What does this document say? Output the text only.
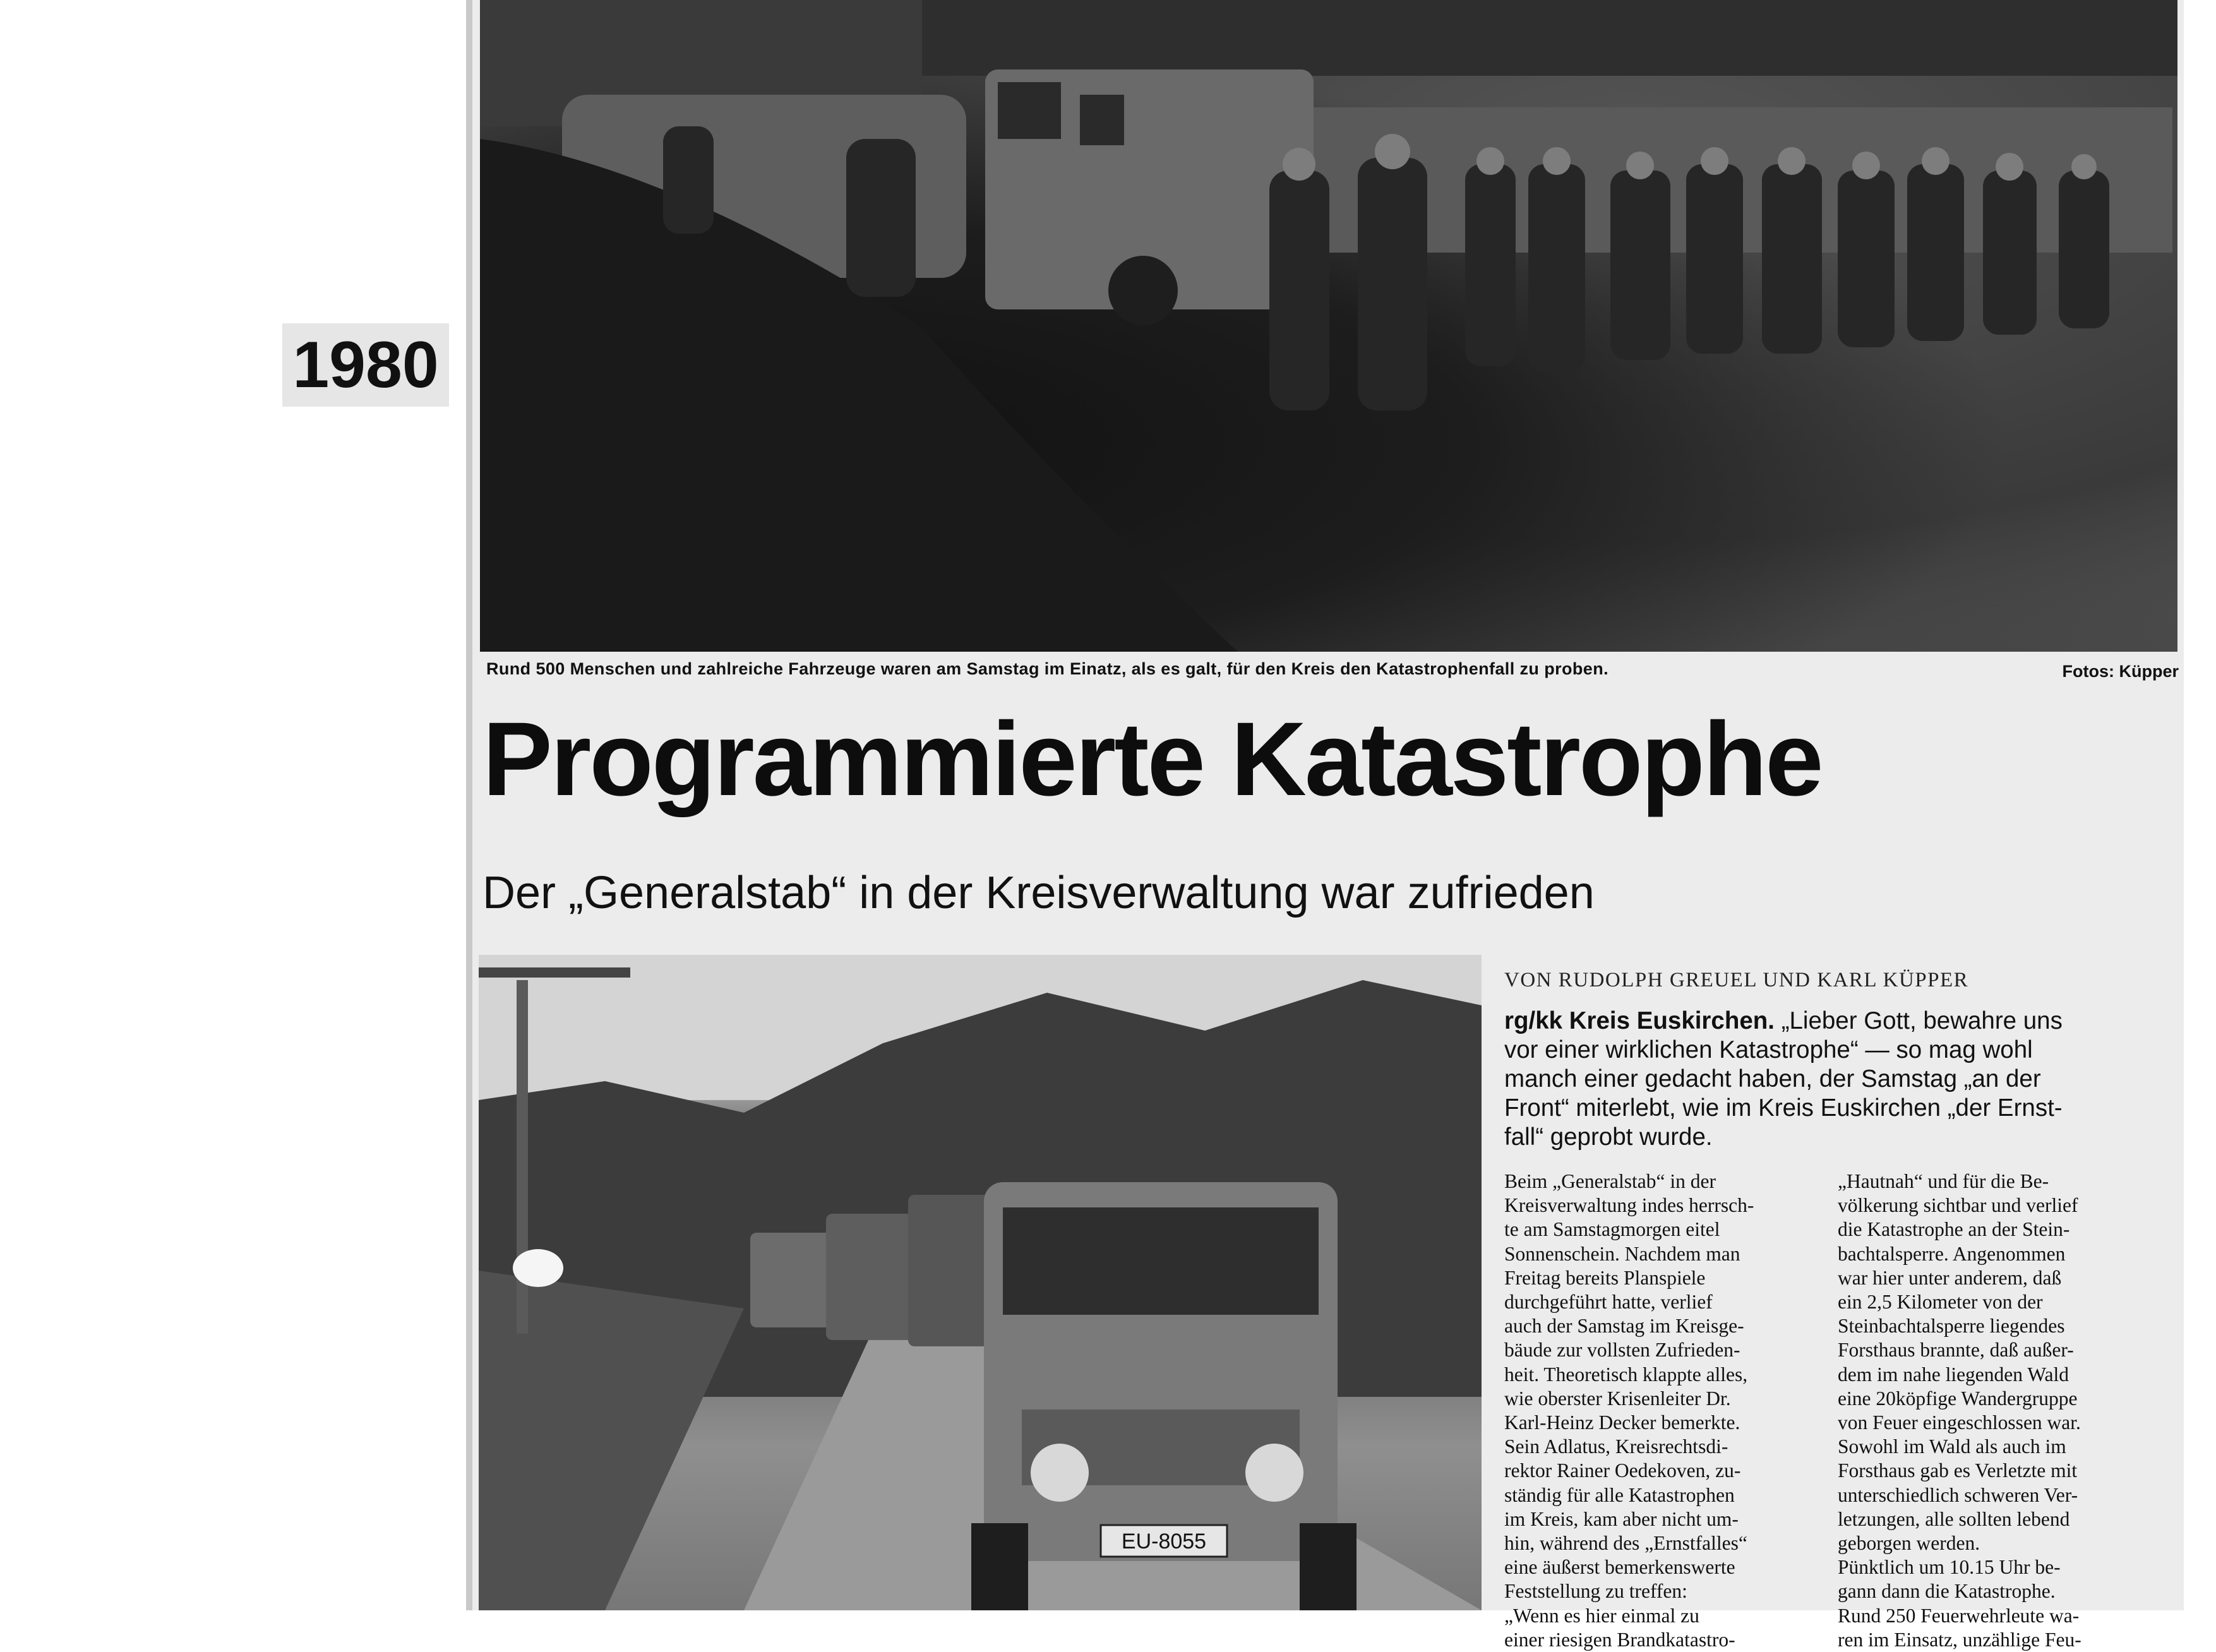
1980
Rund 500 Menschen und zahlreiche Fahrzeuge waren am Samstag im Einatz, als es galt, für den Kreis den Katastrophenfall zu proben.	Fotos: Küpper
Programmierte Katastrophe
Der „Generalstab“ in der Kreisverwaltung war zufrieden
EU-8055
VON RUDOLPH GREUEL UND KARL KÜPPER
rg/kk Kreis Euskirchen. „Lieber Gott, bewahre uns
vor einer wirklichen Katastrophe“ — so mag wohl
manch einer gedacht haben, der Samstag „an der
Front“ miterlebt, wie im Kreis Euskirchen „der Ernst-
fall“ geprobt wurde.
Beim „Generalstab“ in der
Kreisverwaltung indes herrsch-
te am Samstagmorgen eitel
Sonnenschein. Nachdem man
Freitag bereits Planspiele
durchgeführt hatte, verlief
auch der Samstag im Kreisge-
bäude zur vollsten Zufrieden-
heit. Theoretisch klappte alles,
wie oberster Krisenleiter Dr.
Karl-Heinz Decker bemerkte.
Sein Adlatus, Kreisrechtsdi-
rektor Rainer Oedekoven, zu-
ständig für alle Katastrophen
im Kreis, kam aber nicht um-
hin, während des „Ernstfalles“
eine äußerst bemerkenswerte
Feststellung zu treffen:
„Wenn es hier einmal zu
einer riesigen Brandkatastro-
„Hautnah“ und für die Be-
völkerung sichtbar und verlief
die Katastrophe an der Stein-
bachtalsperre. Angenommen
war hier unter anderem, daß
ein 2,5 Kilometer von der
Steinbachtalsperre liegendes
Forsthaus brannte, daß außer-
dem im nahe liegenden Wald
eine 20köpfige Wandergruppe
von Feuer eingeschlossen war.
Sowohl im Wald als auch im
Forsthaus gab es Verletzte mit
unterschiedlich schweren Ver-
letzungen, alle sollten lebend
geborgen werden.
Pünktlich um 10.15 Uhr be-
gann dann die Katastrophe.
Rund 250 Feuerwehrleute wa-
ren im Einsatz, unzählige Feu-
